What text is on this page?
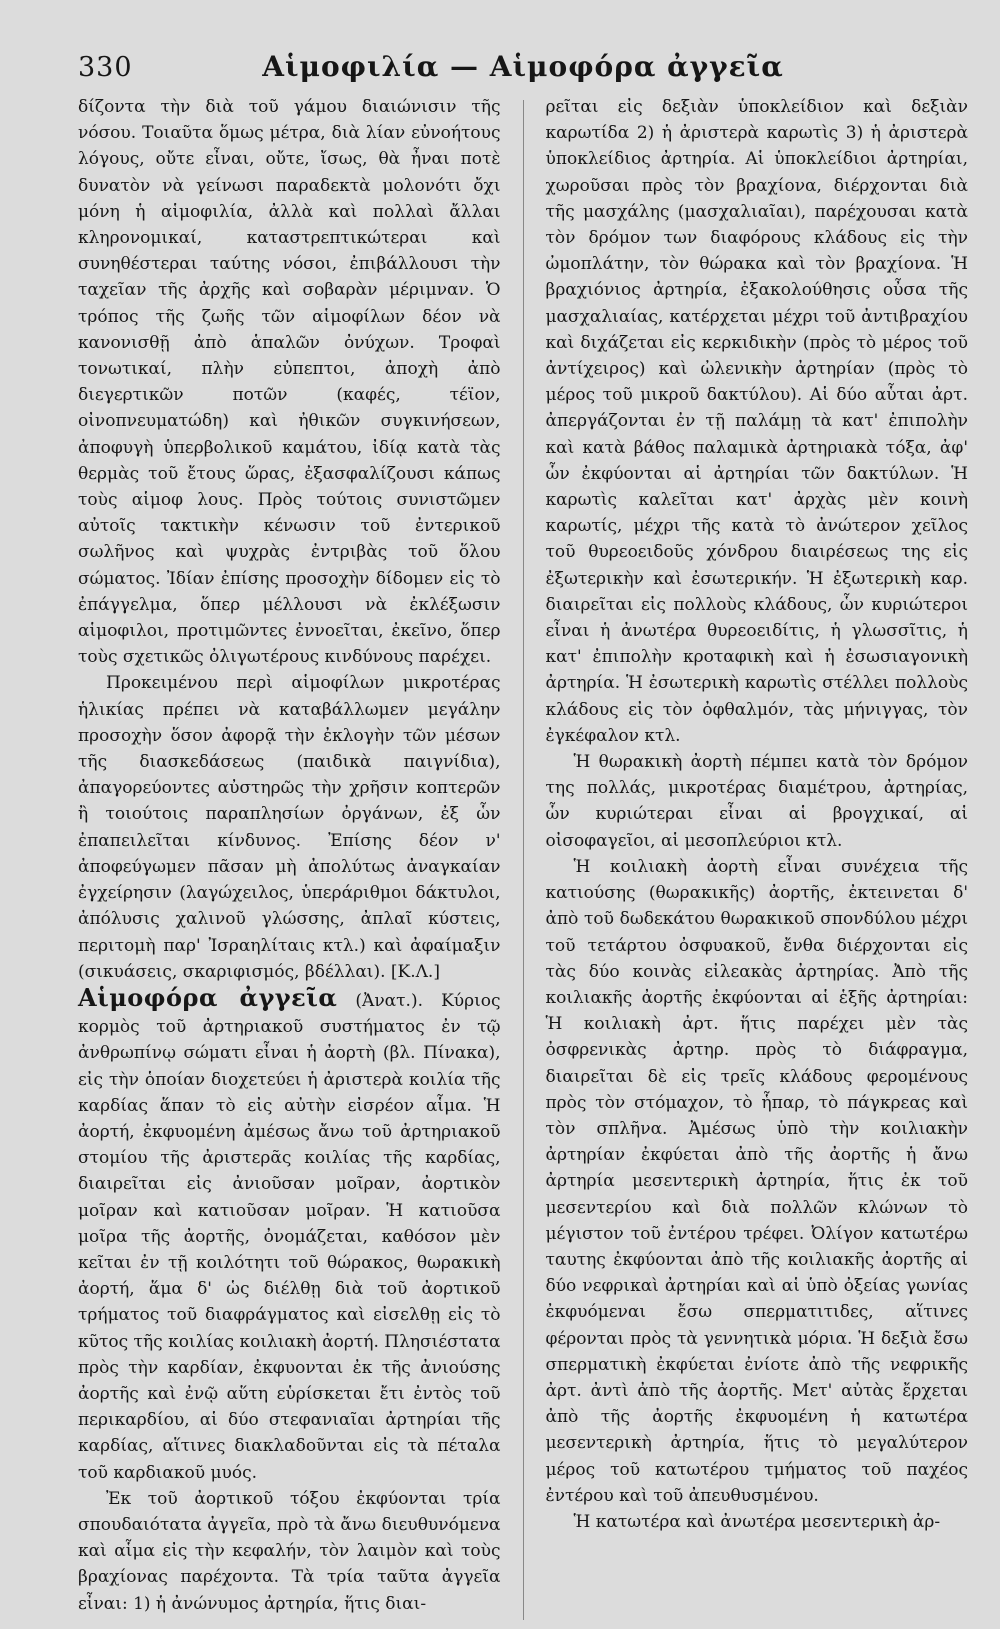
330	Αἱμοφιλία — Αἱμοφόρα ἀγγεῖα

δίζοντα τὴν διὰ τοῦ γάμου διαιώνισιν τῆς νόσου. Τοιαῦτα ὅμως μέτρα, διὰ λίαν εὐνοήτους λόγους, οὔτε εἶναι, οὔτε, ἴσως, θὰ ἦναι ποτὲ δυνατὸν νὰ γείνωσι παραδεκτὰ μολονότι ὄχι μόνη ἡ αἱμοφιλία, ἀλλὰ καὶ πολλαὶ ἄλλαι κληρονομικαί, καταστρεπτικώτεραι καὶ συνηθέστεραι ταύτης νόσοι, ἐπιβάλλουσι τὴν ταχεῖαν τῆς ἀρχῆς καὶ σοβαρὰν μέριμναν. Ὁ τρόπος τῆς ζωῆς τῶν αἱμοφίλων δέον νὰ κανονισθῇ ἀπὸ ἁπαλῶν ὀνύχων. Τροφαὶ τονωτικαί, πλὴν εὐπεπτοι, ἀποχὴ ἀπὸ διεγερτικῶν ποτῶν (καφές, τέϊον, οἰνοπνευματώδη) καὶ ἠθικῶν συγκινήσεων, ἀποφυγὴ ὑπερβολικοῦ καμάτου, ἰδίᾳ κατὰ τὰς θερμὰς τοῦ ἔτους ὥρας, ἐξασφαλίζουσι κάπως τοὺς αἱμοφ λους. Πρὸς τούτοις συνιστῶμεν αὐτοῖς τακτικὴν κένωσιν τοῦ ἐντερικοῦ σωλῆνος καὶ ψυχρὰς ἐντριβὰς τοῦ ὅλου σώματος. Ἰδίαν ἐπίσης προσοχὴν δίδομεν εἰς τὸ ἐπάγγελμα, ὅπερ μέλλουσι νὰ ἐκλέξωσιν αἱμοφιλοι, προτιμῶντες ἐννοεῖται, ἐκεῖνο, ὅπερ τοὺς σχετικῶς ὀλιγωτέρους κινδύνους παρέχει.

Προκειμένου περὶ αἱμοφίλων μικροτέρας ἡλικίας πρέπει νὰ καταβάλλωμεν μεγάλην προσοχὴν ὅσον ἀφορᾷ τὴν ἐκλογὴν τῶν μέσων τῆς διασκεδάσεως (παιδικὰ παιγνίδια), ἀπαγορεύοντες αὐστηρῶς τὴν χρῆσιν κοπτερῶν ἢ τοιούτοις παραπλησίων ὀργάνων, ἐξ ὧν ἐπαπειλεῖται κίνδυνος. Ἐπίσης δέον ν' ἀποφεύγωμεν πᾶσαν μὴ ἀπολύτως ἀναγκαίαν ἐγχείρησιν (λαγώχειλος, ὑπεράριθμοι δάκτυλοι, ἀπόλυσις χαλινοῦ γλώσσης, ἀπλαῖ κύστεις, περιτομὴ παρ' Ἰσραηλίταις κτλ.) καὶ ἀφαίμαξιν (σικυάσεις, σκαριφισμός, βδέλλαι). [Κ.Λ.]

Αἱμοφόρα ἀγγεῖα (Ἀνατ.). Κύριος κορμὸς τοῦ ἀρτηριακοῦ συστήματος ἐν τῷ ἀνθρωπίνῳ σώματι εἶναι ἡ ἀορτὴ (βλ. Πίνακα), εἰς τὴν ὁποίαν διοχετεύει ἡ ἀριστερὰ κοιλία τῆς καρδίας ἅπαν τὸ εἰς αὐτὴν εἰσρέον αἷμα. Ἡ ἀορτή, ἐκφυομένη ἀμέσως ἄνω τοῦ ἀρτηριακοῦ στομίου τῆς ἀριστερᾶς κοιλίας τῆς καρδίας, διαιρεῖται εἰς ἀνιοῦσαν μοῖραν, ἀορτικὸν μοῖραν καὶ κατιοῦσαν μοῖραν. Ἡ κατιοῦσα μοῖρα τῆς ἀορτῆς, ὀνομάζεται, καθόσον μὲν κεῖται ἐν τῇ κοιλότητι τοῦ θώρακος, θωρακικὴ ἀορτή, ἅμα δ' ὡς διέλθῃ διὰ τοῦ ἀορτικοῦ τρήματος τοῦ διαφράγματος καὶ εἰσελθῃ εἰς τὸ κῦτος τῆς κοιλίας κοιλιακὴ ἀορτή. Πλησιέστατα πρὸς τὴν καρδίαν, ἐκφυονται ἐκ τῆς ἀνιούσης ἀορτῆς καὶ ἐνῷ αὕτη εὑρίσκεται ἔτι ἐντὸς τοῦ περικαρδίου, αἱ δύο στεφανιαῖαι ἀρτηρίαι τῆς καρδίας, αἵτινες διακλαδοῦνται εἰς τὰ πέταλα τοῦ καρδιακοῦ μυός.

Ἐκ τοῦ ἀορτικοῦ τόξου ἐκφύονται τρία σπουδαιότατα ἀγγεῖα, πρὸ τὰ ἄνω διευθυνόμενα καὶ αἷμα εἰς τὴν κεφαλήν, τὸν λαιμὸν καὶ τοὺς βραχίονας παρέχοντα. Τὰ τρία ταῦτα ἀγγεῖα εἶναι: 1) ἡ ἀνώνυμος ἀρτηρία, ἥτις διαι-

ρεῖται εἰς δεξιὰν ὑποκλείδιον καὶ δεξιὰν καρωτίδα 2) ἡ ἀριστερὰ καρωτὶς 3) ἡ ἀριστερὰ ὑποκλείδιος ἀρτηρία. Αἱ ὑποκλείδιοι ἀρτηρίαι, χωροῦσαι πρὸς τὸν βραχίονα, διέρχονται διὰ τῆς μασχάλης (μασχαλιαῖαι), παρέχουσαι κατὰ τὸν δρόμον των διαφόρους κλάδους εἰς τὴν ὠμοπλάτην, τὸν θώρακα καὶ τὸν βραχίονα. Ἡ βραχιόνιος ἀρτηρία, ἐξακολούθησις οὖσα τῆς μασχαλιαίας, κατέρχεται μέχρι τοῦ ἀντιβραχίου καὶ διχάζεται εἰς κερκιδικὴν (πρὸς τὸ μέρος τοῦ ἀντίχειρος) καὶ ὠλενικὴν ἀρτηρίαν (πρὸς τὸ μέρος τοῦ μικροῦ δακτύλου). Αἱ δύο αὗται ἀρτ. ἀπεργάζονται ἐν τῇ παλάμῃ τὰ κατ' ἐπιπολὴν καὶ κατὰ βάθος παλαμικὰ ἀρτηριακὰ τόξα, ἀφ' ὧν ἐκφύονται αἱ ἀρτηρίαι τῶν δακτύλων. Ἡ καρωτὶς καλεῖται κατ' ἀρχὰς μὲν κοινὴ καρωτίς, μέχρι τῆς κατὰ τὸ ἀνώτερον χεῖλος τοῦ θυρεοειδοῦς χόνδρου διαιρέσεως της εἰς ἐξωτερικὴν καὶ ἐσωτερικήν. Ἡ ἐξωτερικὴ καρ. διαιρεῖται εἰς πολλοὺς κλάδους, ὧν κυριώτεροι εἶναι ἡ ἀνωτέρα θυρεοειδίτις, ἡ γλωσσῖτις, ἡ κατ' ἐπιπολὴν κροταφικὴ καὶ ἡ ἐσωσιαγονικὴ ἀρτηρία. Ἡ ἐσωτερικὴ καρωτὶς στέλλει πολλοὺς κλάδους εἰς τὸν ὀφθαλμόν, τὰς μήνιγγας, τὸν ἐγκέφαλον κτλ.

Ἡ θωρακικὴ ἀορτὴ πέμπει κατὰ τὸν δρόμον της πολλάς, μικροτέρας διαμέτρου, ἀρτηρίας, ὧν κυριώτεραι εἶναι αἱ βρογχικαί, αἱ οἰσοφαγεῖοι, αἱ μεσοπλεύριοι κτλ.

Ἡ κοιλιακὴ ἀορτὴ εἶναι συνέχεια τῆς κατιούσης (θωρακικῆς) ἀορτῆς, ἐκτεινεται δ' ἀπὸ τοῦ δωδεκάτου θωρακικοῦ σπονδύλου μέχρι τοῦ τετάρτου ὀσφυακοῦ, ἔνθα διέρχονται εἰς τὰς δύο κοινὰς εἰλεακὰς ἀρτηρίας. Ἀπὸ τῆς κοιλιακῆς ἀορτῆς ἐκφύονται αἱ ἑξῆς ἀρτηρίαι: Ἡ κοιλιακὴ ἀρτ. ἥτις παρέχει μὲν τὰς ὀσφρενικὰς ἀρτηρ. πρὸς τὸ διάφραγμα, διαιρεῖται δὲ εἰς τρεῖς κλάδους φερομένους πρὸς τὸν στόμαχον, τὸ ἧπαρ, τὸ πάγκρεας καὶ τὸν σπλῆνα. Ἀμέσως ὑπὸ τὴν κοιλιακὴν ἀρτηρίαν ἐκφύεται ἀπὸ τῆς ἀορτῆς ἡ ἄνω ἀρτηρία μεσεντερικὴ ἀρτηρία, ἥτις ἐκ τοῦ μεσεντερίου καὶ διὰ πολλῶν κλώνων τὸ μέγιστον τοῦ ἐντέρου τρέφει. Ὀλίγον κατωτέρω ταυτης ἐκφύονται ἀπὸ τῆς κοιλιακῆς ἀορτῆς αἱ δύο νεφρικαὶ ἀρτηρίαι καὶ αἱ ὑπὸ ὀξείας γωνίας ἐκφυόμεναι ἔσω σπερματιτιδες, αἵτινες φέρονται πρὸς τὰ γεννητικὰ μόρια. Ἡ δεξιὰ ἔσω σπερματικὴ ἐκφύεται ἐνίοτε ἀπὸ τῆς νεφρικῆς ἀρτ. ἀντὶ ἀπὸ τῆς ἀορτῆς. Μετ' αὐτὰς ἔρχεται ἀπὸ τῆς ἀορτῆς ἐκφυομένη ἡ κατωτέρα μεσεντερικὴ ἀρτηρία, ἥτις τὸ μεγαλύτερον μέρος τοῦ κατωτέρου τμήματος τοῦ παχέος ἐντέρου καὶ τοῦ ἀπευθυσμένου.

Ἡ κατωτέρα καὶ ἀνωτέρα μεσεντερικὴ ἀρ-
